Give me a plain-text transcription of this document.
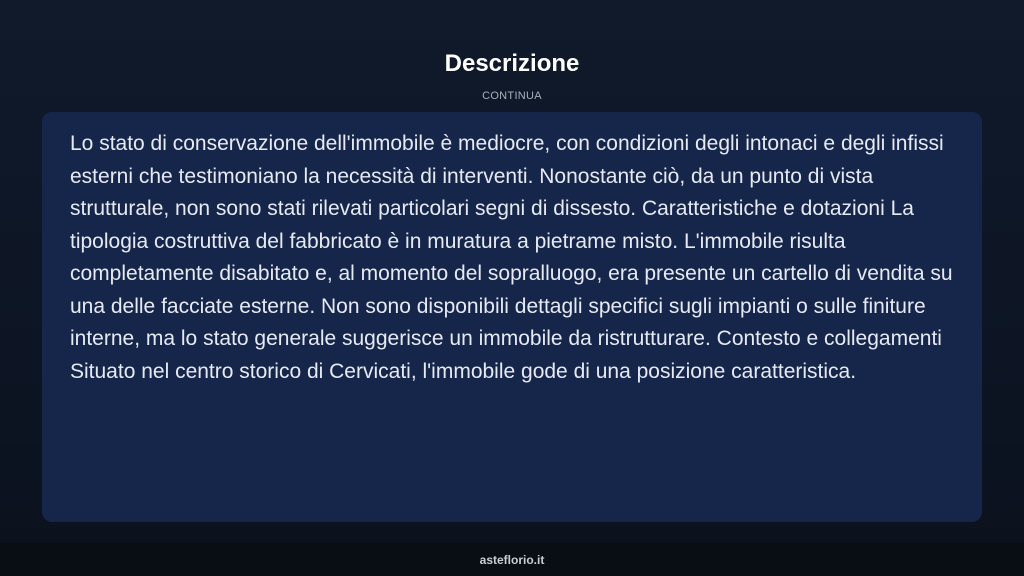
Descrizione
CONTINUA

Lo stato di conservazione dell'immobile è mediocre, con condizioni degli intonaci e degli infissi esterni che testimoniano la necessità di interventi. Nonostante ciò, da un punto di vista strutturale, non sono stati rilevati particolari segni di dissesto. Caratteristiche e dotazioni La tipologia costruttiva del fabbricato è in muratura a pietrame misto. L'immobile risulta completamente disabitato e, al momento del sopralluogo, era presente un cartello di vendita su una delle facciate esterne. Non sono disponibili dettagli specifici sugli impianti o sulle finiture interne, ma lo stato generale suggerisce un immobile da ristrutturare. Contesto e collegamenti Situato nel centro storico di Cervicati, l'immobile gode di una posizione caratteristica.

asteflorio.it
